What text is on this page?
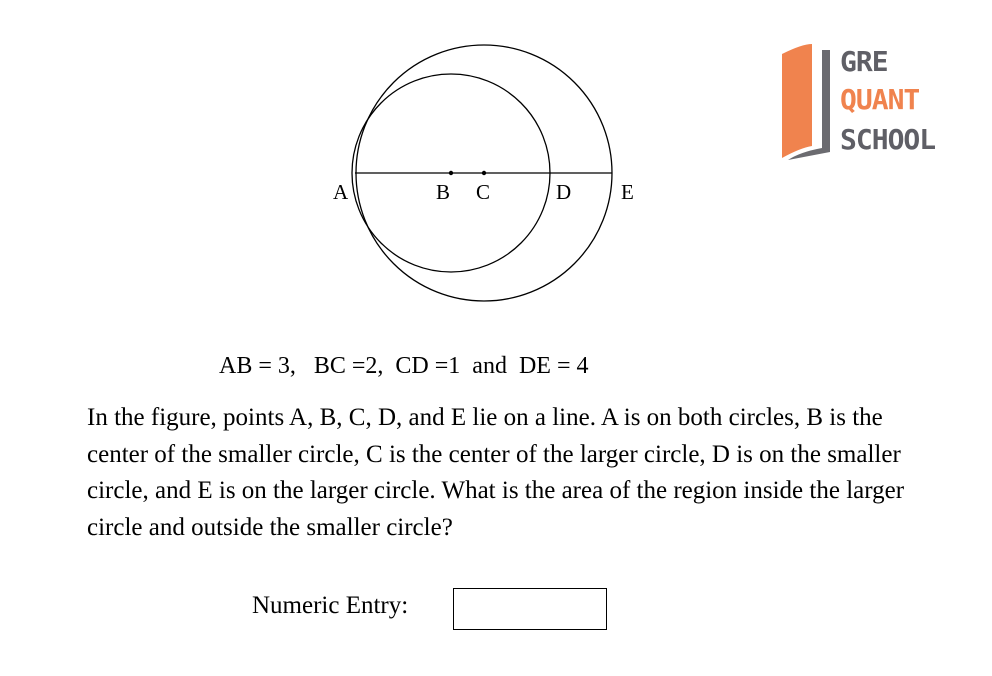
A	B C	D E
GRE
QUANT
SCHOOL
AB = 3,   BC =2,  CD =1  and  DE = 4
In the figure, points A, B, C, D, and E lie on a line. A is on both circles, B is the center of the smaller circle, C is the center of the larger circle, D is on the smaller circle, and E is on the larger circle. What is the area of the region inside the larger circle and outside the smaller circle?
Numeric Entry:
